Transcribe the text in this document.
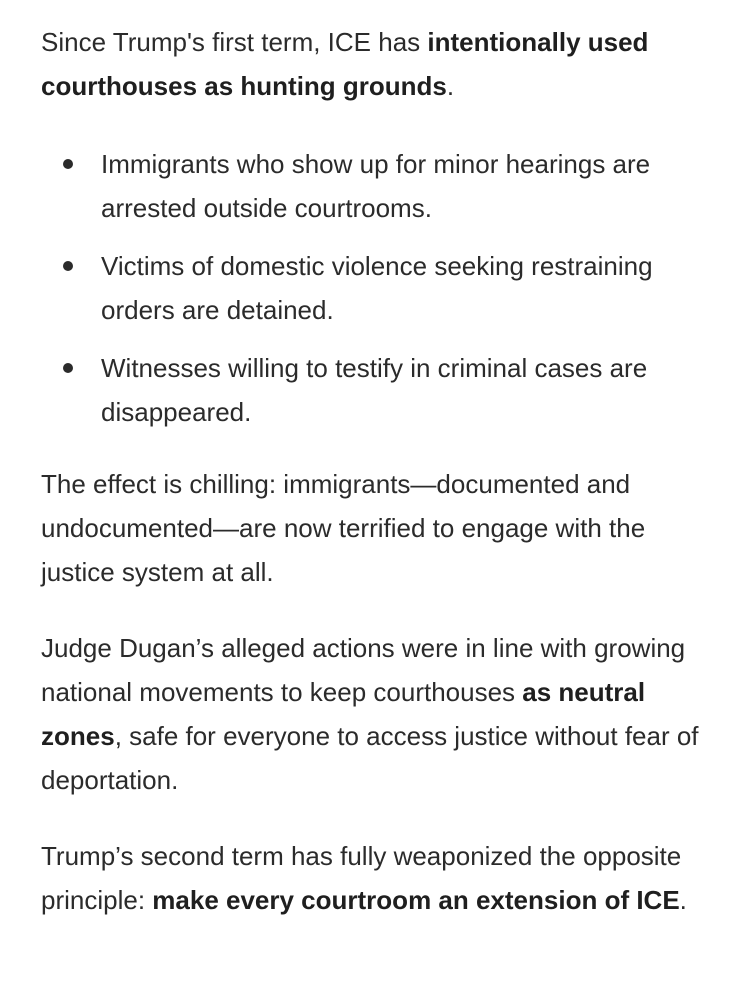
Since Trump's first term, ICE has intentionally used courthouses as hunting grounds.

Immigrants who show up for minor hearings are arrested outside courtrooms.
Victims of domestic violence seeking restraining orders are detained.
Witnesses willing to testify in criminal cases are disappeared.

The effect is chilling: immigrants—documented and undocumented—are now terrified to engage with the justice system at all.

Judge Dugan’s alleged actions were in line with growing national movements to keep courthouses as neutral zones, safe for everyone to access justice without fear of deportation.

Trump’s second term has fully weaponized the opposite principle: make every courtroom an extension of ICE.
